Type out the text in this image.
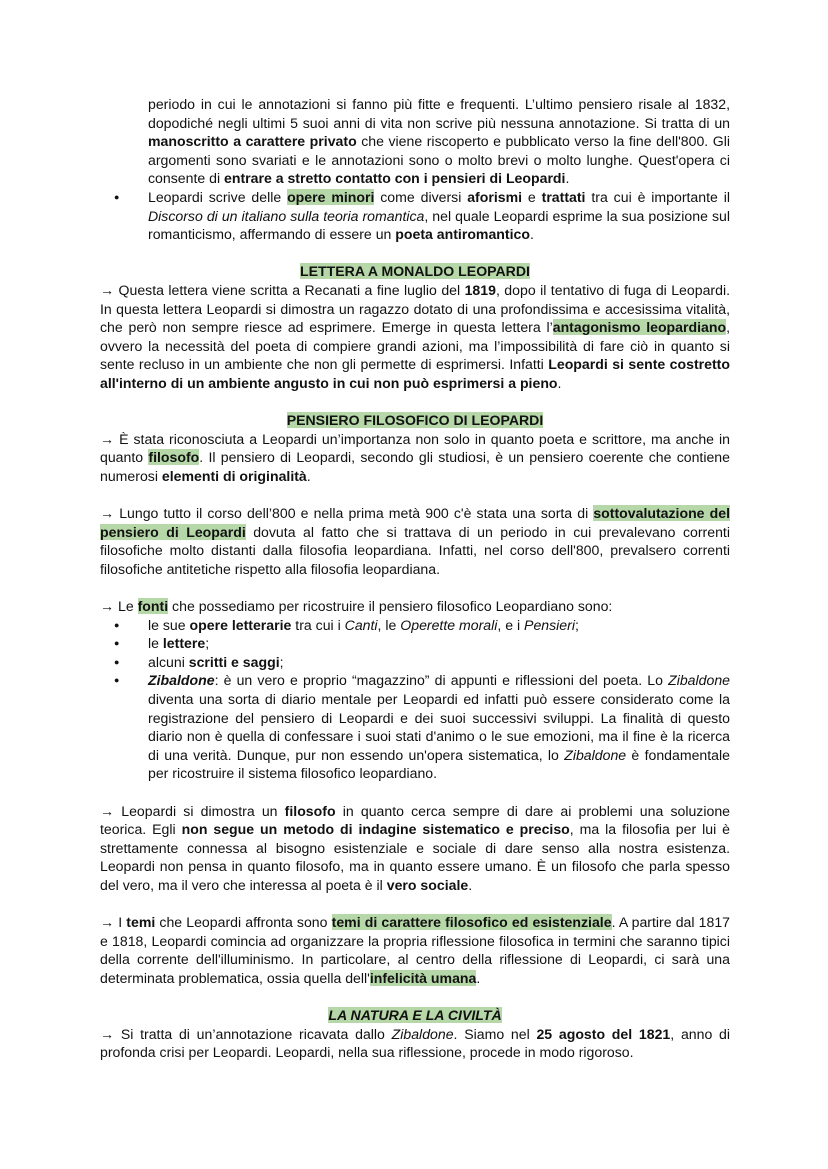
periodo in cui le annotazioni si fanno più fitte e frequenti. L’ultimo pensiero risale al 1832, dopodiché negli ultimi 5 suoi anni di vita non scrive più nessuna annotazione. Si tratta di un manoscritto a carattere privato che viene riscoperto e pubblicato verso la fine dell'800. Gli argomenti sono svariati e le annotazioni sono o molto brevi o molto lunghe. Quest'opera ci consente di entrare a stretto contatto con i pensieri di Leopardi.

● Leopardi scrive delle opere minori come diversi aforismi e trattati tra cui è importante il Discorso di un italiano sulla teoria romantica, nel quale Leopardi esprime la sua posizione sul romanticismo, affermando di essere un poeta antiromantico.

LETTERA A MONALDO LEOPARDI

→ Questa lettera viene scritta a Recanati a fine luglio del 1819, dopo il tentativo di fuga di Leopardi. In questa lettera Leopardi si dimostra un ragazzo dotato di una profondissima e accesissima vitalità, che però non sempre riesce ad esprimere. Emerge in questa lettera l’antagonismo leopardiano, ovvero la necessità del poeta di compiere grandi azioni, ma l’impossibilità di fare ciò in quanto si sente recluso in un ambiente che non gli permette di esprimersi. Infatti Leopardi si sente costretto all'interno di un ambiente angusto in cui non può esprimersi a pieno.

PENSIERO FILOSOFICO DI LEOPARDI

→ È stata riconosciuta a Leopardi un’importanza non solo in quanto poeta e scrittore, ma anche in quanto filosofo. Il pensiero di Leopardi, secondo gli studiosi, è un pensiero coerente che contiene numerosi elementi di originalità.

→ Lungo tutto il corso dell’800 e nella prima metà 900 c'è stata una sorta di sottovalutazione del pensiero di Leopardi dovuta al fatto che si trattava di un periodo in cui prevalevano correnti filosofiche molto distanti dalla filosofia leopardiana. Infatti, nel corso dell'800, prevalsero correnti filosofiche antitetiche rispetto alla filosofia leopardiana.

→ Le fonti che possediamo per ricostruire il pensiero filosofico Leopardiano sono:

● le sue opere letterarie tra cui i Canti, le Operette morali, e i Pensieri;
● le lettere;
● alcuni scritti e saggi;
● Zibaldone: è un vero e proprio “magazzino” di appunti e riflessioni del poeta. Lo Zibaldone diventa una sorta di diario mentale per Leopardi ed infatti può essere considerato come la registrazione del pensiero di Leopardi e dei suoi successivi sviluppi. La finalità di questo diario non è quella di confessare i suoi stati d'animo o le sue emozioni, ma il fine è la ricerca di una verità. Dunque, pur non essendo un'opera sistematica, lo Zibaldone è fondamentale per ricostruire il sistema filosofico leopardiano.

→ Leopardi si dimostra un filosofo in quanto cerca sempre di dare ai problemi una soluzione teorica. Egli non segue un metodo di indagine sistematico e preciso, ma la filosofia per lui è strettamente connessa al bisogno esistenziale e sociale di dare senso alla nostra esistenza. Leopardi non pensa in quanto filosofo, ma in quanto essere umano. È un filosofo che parla spesso del vero, ma il vero che interessa al poeta è il vero sociale.

→ I temi che Leopardi affronta sono temi di carattere filosofico ed esistenziale. A partire dal 1817 e 1818, Leopardi comincia ad organizzare la propria riflessione filosofica in termini che saranno tipici della corrente dell'illuminismo. In particolare, al centro della riflessione di Leopardi, ci sarà una determinata problematica, ossia quella dell'infelicità umana.

LA NATURA E LA CIVILTÀ

→ Si tratta di un’annotazione ricavata dallo Zibaldone. Siamo nel 25 agosto del 1821, anno di profonda crisi per Leopardi. Leopardi, nella sua riflessione, procede in modo rigoroso.
